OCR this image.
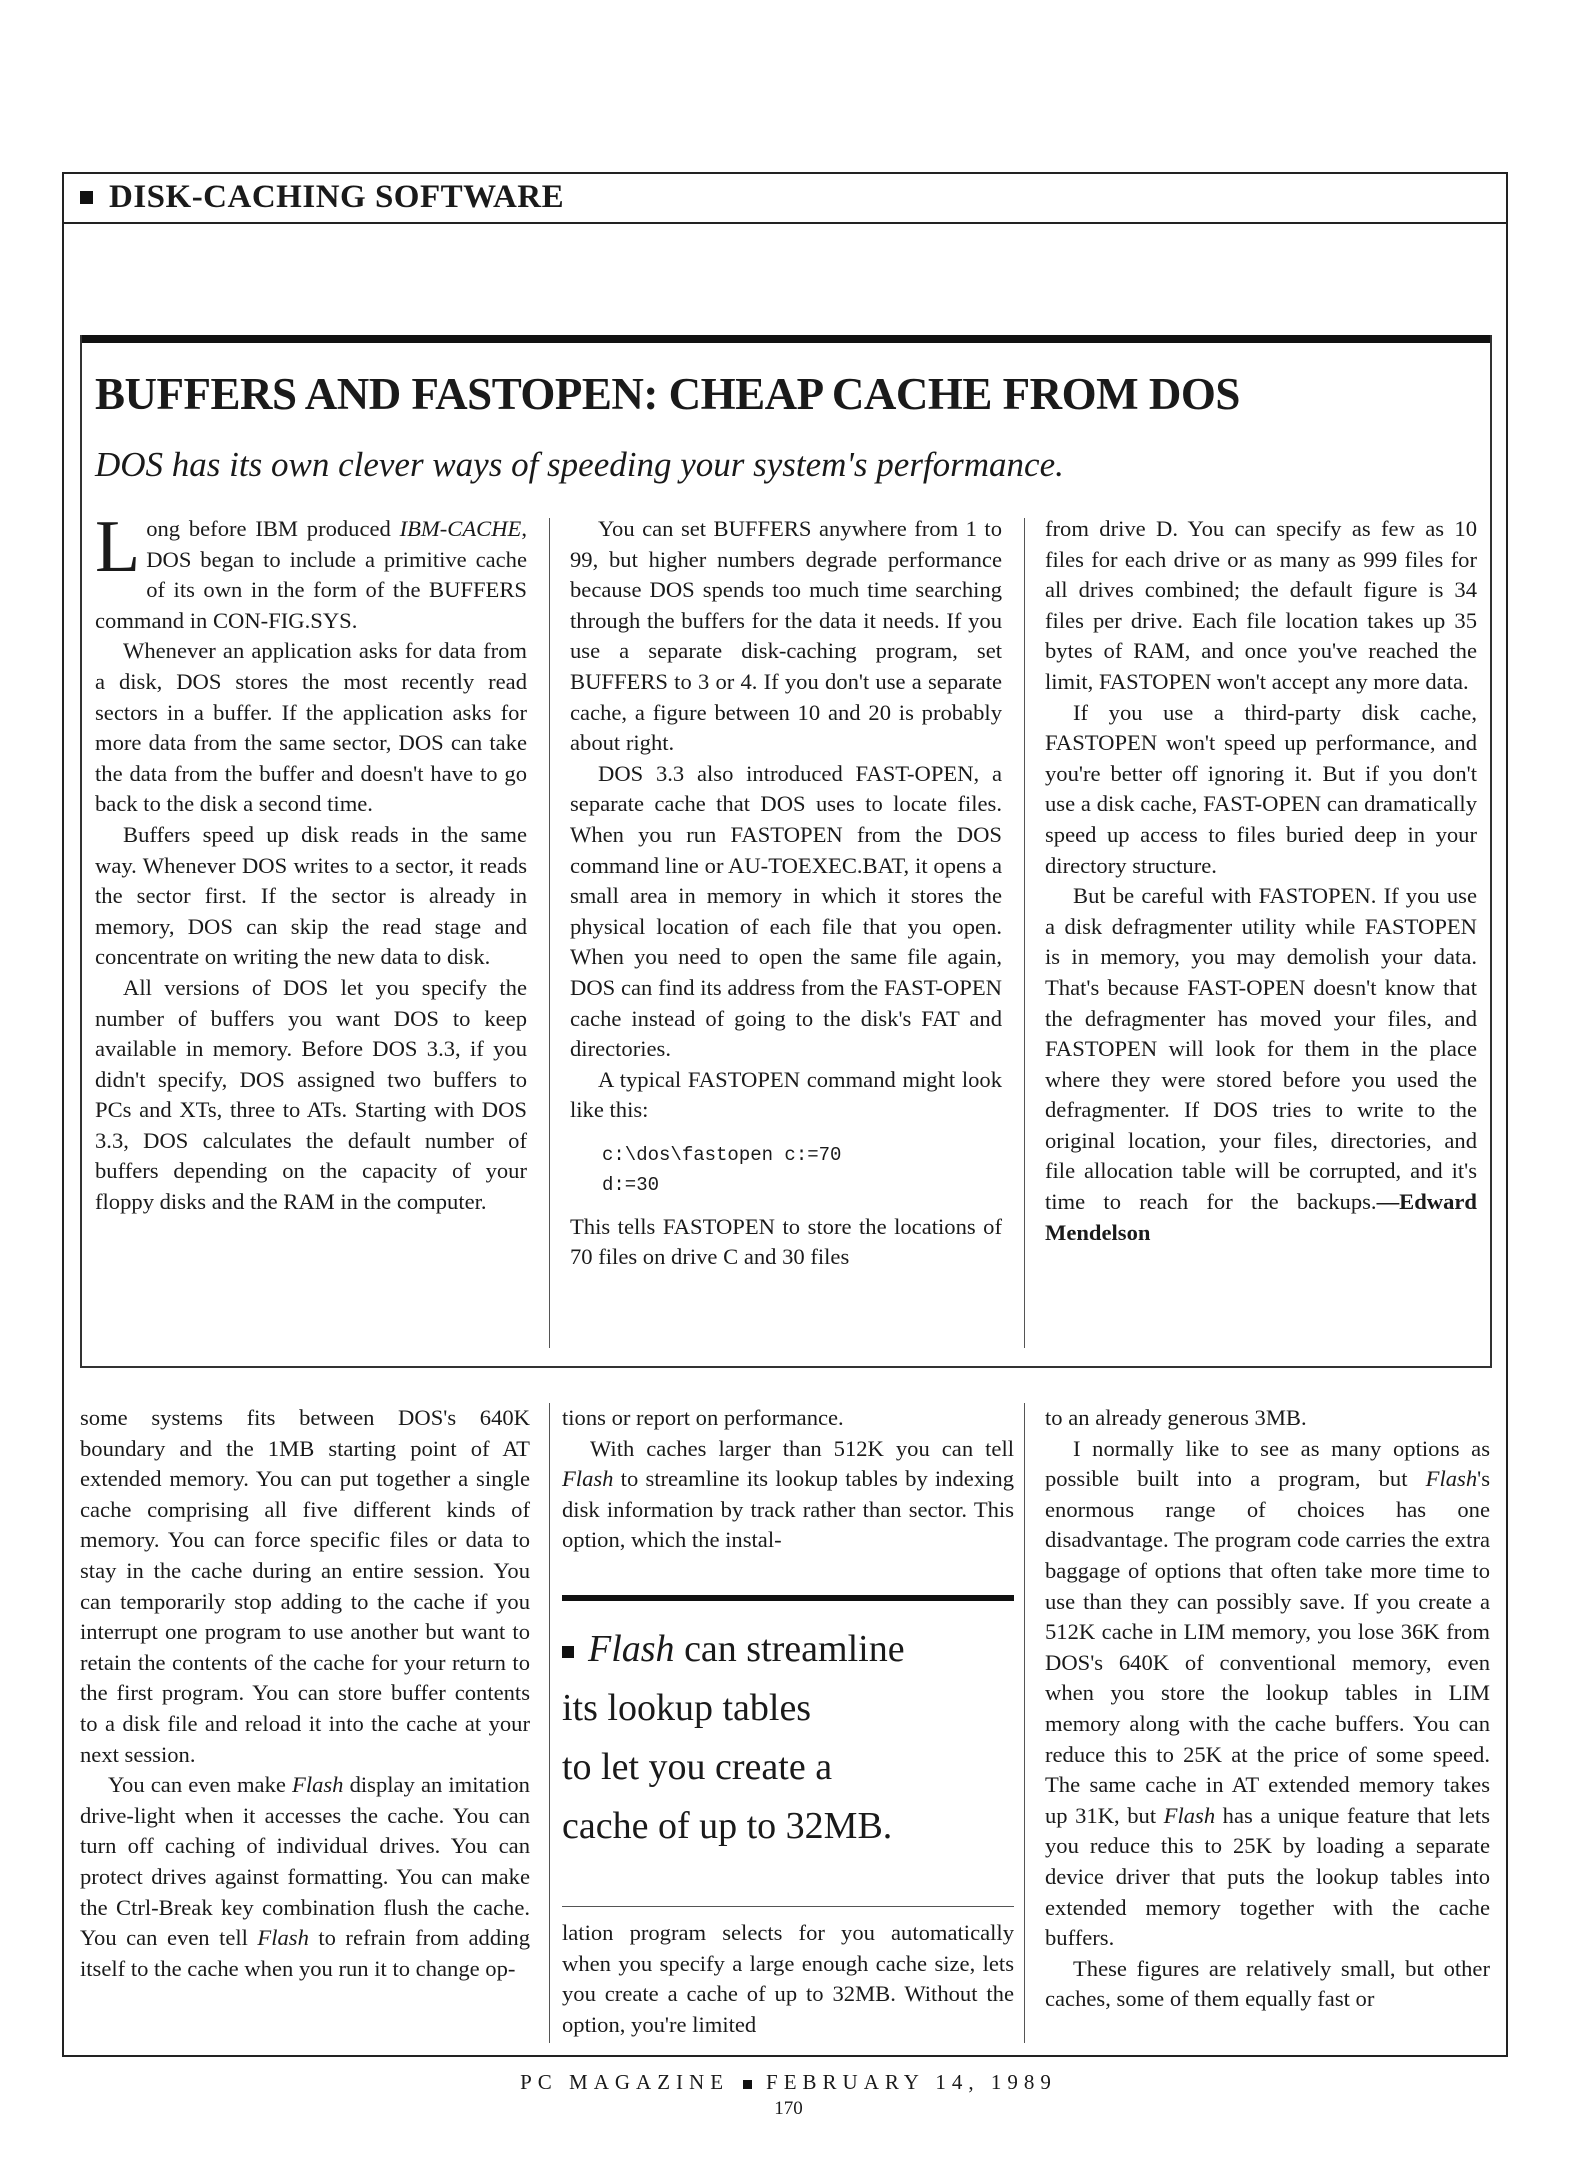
DISK-CACHING SOFTWARE
BUFFERS AND FASTOPEN: CHEAP CACHE FROM DOS
DOS has its own clever ways of speeding your system's performance.

Long before IBM produced IBM-CACHE, DOS began to include a primitive cache of its own in the form of the BUFFERS command in CON-FIG.SYS.

Whenever an application asks for data from a disk, DOS stores the most recently read sectors in a buffer. If the application asks for more data from the same sector, DOS can take the data from the buffer and doesn't have to go back to the disk a second time.

Buffers speed up disk reads in the same way. Whenever DOS writes to a sector, it reads the sector first. If the sector is already in memory, DOS can skip the read stage and concentrate on writing the new data to disk.

All versions of DOS let you specify the number of buffers you want DOS to keep available in memory. Before DOS 3.3, if you didn't specify, DOS assigned two buffers to PCs and XTs, three to ATs. Starting with DOS 3.3, DOS calculates the default number of buffers depending on the capacity of your floppy disks and the RAM in the computer.

You can set BUFFERS anywhere from 1 to 99, but higher numbers degrade performance because DOS spends too much time searching through the buffers for the data it needs. If you use a separate disk-caching program, set BUFFERS to 3 or 4. If you don't use a separate cache, a figure between 10 and 20 is probably about right.

DOS 3.3 also introduced FAST-OPEN, a separate cache that DOS uses to locate files. When you run FASTOPEN from the DOS command line or AU-TOEXEC.BAT, it opens a small area in memory in which it stores the physical location of each file that you open. When you need to open the same file again, DOS can find its address from the FAST-OPEN cache instead of going to the disk's FAT and directories.

A typical FASTOPEN command might look like this:

c:\dos\fastopen c:=70
d:=30

This tells FASTOPEN to store the locations of 70 files on drive C and 30 files

from drive D. You can specify as few as 10 files for each drive or as many as 999 files for all drives combined; the default figure is 34 files per drive. Each file location takes up 35 bytes of RAM, and once you've reached the limit, FASTOPEN won't accept any more data.

If you use a third-party disk cache, FASTOPEN won't speed up performance, and you're better off ignoring it. But if you don't use a disk cache, FAST-OPEN can dramatically speed up access to files buried deep in your directory structure.

But be careful with FASTOPEN. If you use a disk defragmenter utility while FASTOPEN is in memory, you may demolish your data. That's because FAST-OPEN doesn't know that the defragmenter has moved your files, and FASTOPEN will look for them in the place where they were stored before you used the defragmenter. If DOS tries to write to the original location, your files, directories, and file allocation table will be corrupted, and it's time to reach for the backups.—Edward Mendelson

some systems fits between DOS's 640K boundary and the 1MB starting point of AT extended memory. You can put together a single cache comprising all five different kinds of memory. You can force specific files or data to stay in the cache during an entire session. You can temporarily stop adding to the cache if you interrupt one program to use another but want to retain the contents of the cache for your return to the first program. You can store buffer contents to a disk file and reload it into the cache at your next session.

You can even make Flash display an imitation drive-light when it accesses the cache. You can turn off caching of individual drives. You can protect drives against formatting. You can make the Ctrl-Break key combination flush the cache. You can even tell Flash to refrain from adding itself to the cache when you run it to change op-

tions or report on performance.

With caches larger than 512K you can tell Flash to streamline its lookup tables by indexing disk information by track rather than sector. This option, which the instal-

Flash can streamline

its lookup tables

to let you create a

cache of up to 32MB.

lation program selects for you automatically when you specify a large enough cache size, lets you create a cache of up to 32MB. Without the option, you're limited

to an already generous 3MB.

I normally like to see as many options as possible built into a program, but Flash's enormous range of choices has one disadvantage. The program code carries the extra baggage of options that often take more time to use than they can possibly save. If you create a 512K cache in LIM memory, you lose 36K from DOS's 640K of conventional memory, even when you store the lookup tables in LIM memory along with the cache buffers. You can reduce this to 25K at the price of some speed. The same cache in AT extended memory takes up 31K, but Flash has a unique feature that lets you reduce this to 25K by loading a separate device driver that puts the lookup tables into extended memory together with the cache buffers.

These figures are relatively small, but other caches, some of them equally fast or

PC MAGAZINE FEBRUARY 14, 1989
170
